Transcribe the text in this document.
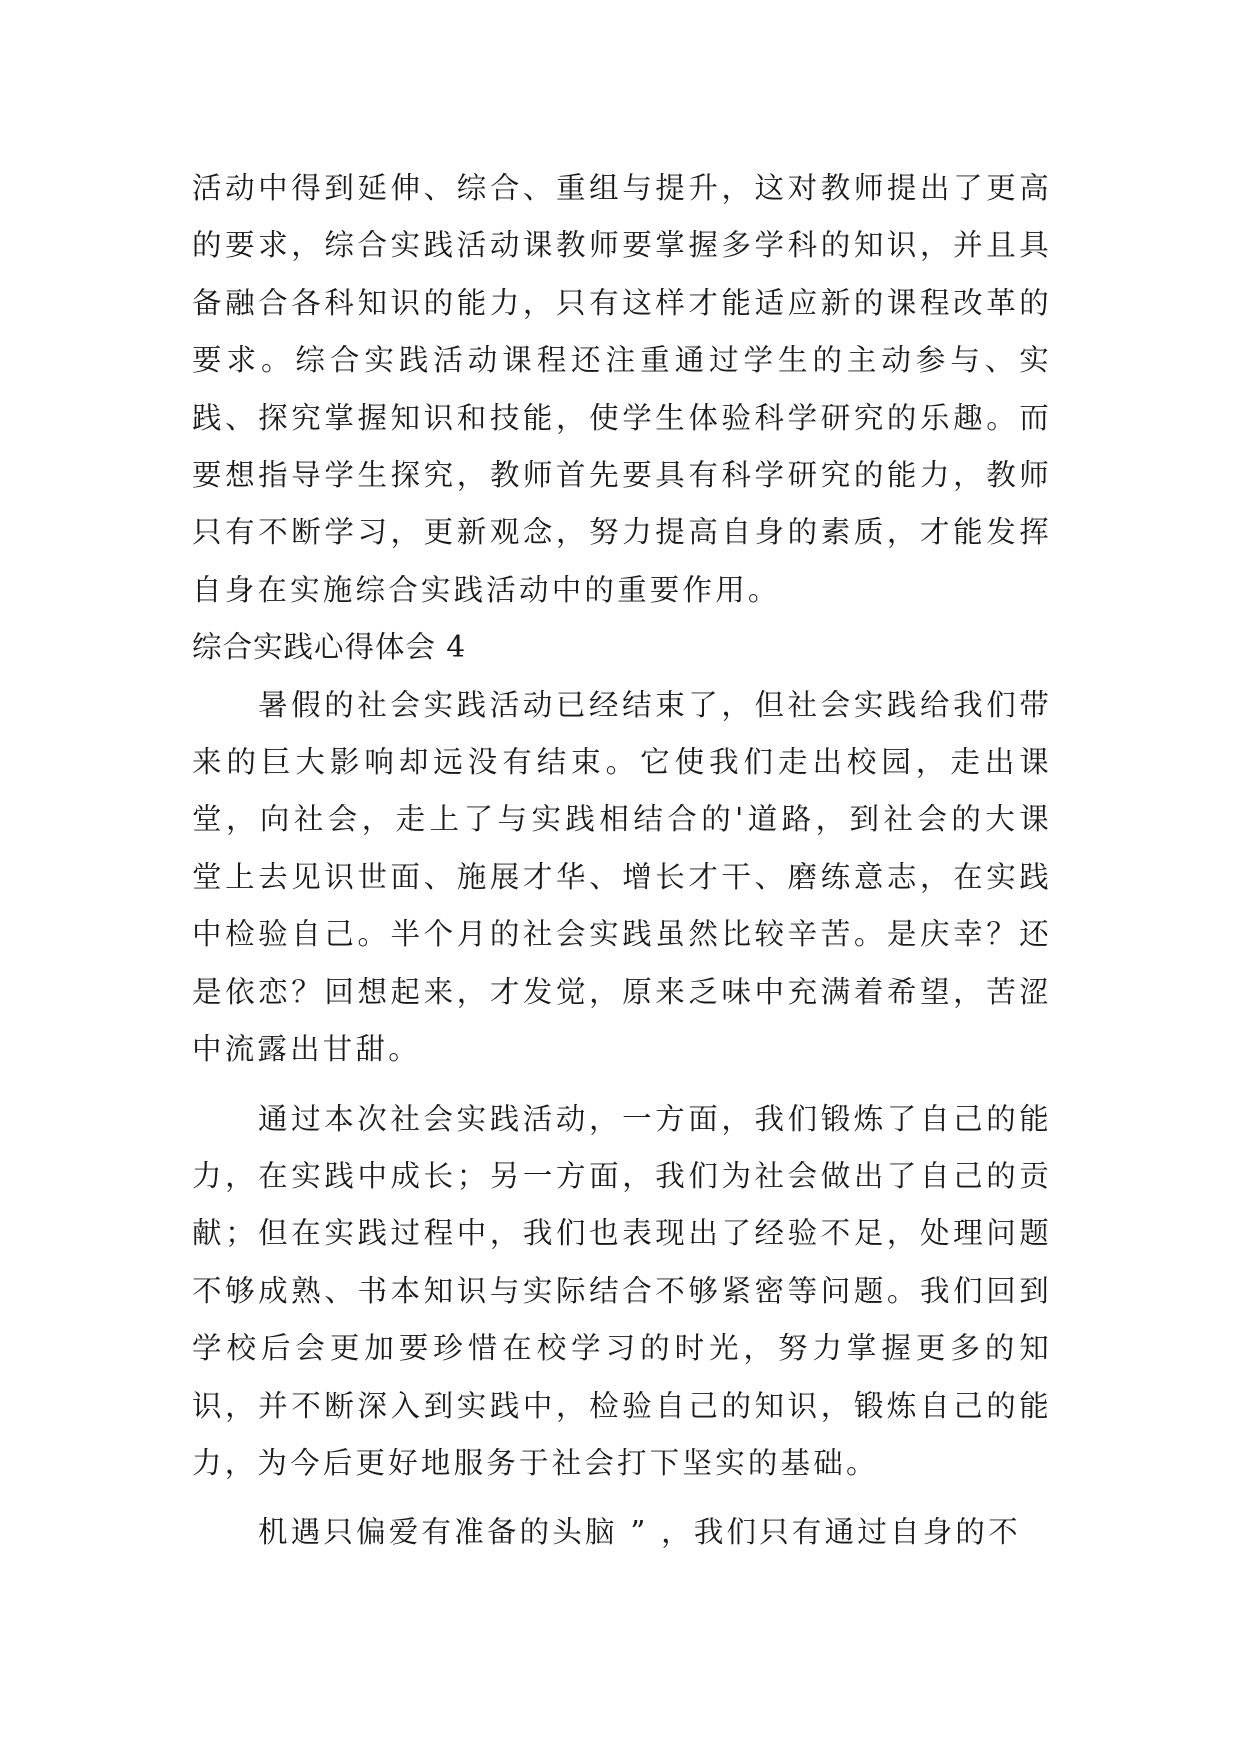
活动中得到延伸、综合、重组与提升，这对教师提出了更高的要求，综合实践活动课教师要掌握多学科的知识，并且具备融合各科知识的能力，只有这样才能适应新的课程改革的要求。综合实践活动课程还注重通过学生的主动参与、实践、探究掌握知识和技能，使学生体验科学研究的乐趣。而要想指导学生探究，教师首先要具有科学研究的能力，教师只有不断学习，更新观念，努力提高自身的素质，才能发挥自身在实施综合实践活动中的重要作用。

综合实践心得体会 4

暑假的社会实践活动已经结束了，但社会实践给我们带来的巨大影响却远没有结束。它使我们走出校园，走出课堂，向社会，走上了与实践相结合的'道路，到社会的大课堂上去见识世面、施展才华、增长才干、磨练意志，在实践中检验自己。半个月的社会实践虽然比较辛苦。是庆幸？还是依恋？回想起来，才发觉，原来乏味中充满着希望，苦涩中流露出甘甜。

通过本次社会实践活动，一方面，我们锻炼了自己的能力，在实践中成长；另一方面，我们为社会做出了自己的贡献；但在实践过程中，我们也表现出了经验不足，处理问题不够成熟、书本知识与实际结合不够紧密等问题。我们回到学校后会更加要珍惜在校学习的时光，努力掌握更多的知识，并不断深入到实践中，检验自己的知识，锻炼自己的能力，为今后更好地服务于社会打下坚实的基础。

机遇只偏爱有准备的头脑 ” ，我们只有通过自身的不
